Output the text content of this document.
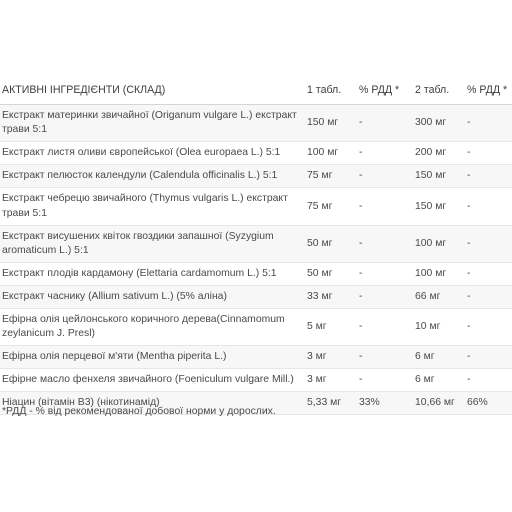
АКТИВНІ ІНГРЕДІЄНТИ (СКЛАД)	1 табл.	% РДД *	2 табл.	% РДД *
Екстракт материнки звичайної (Origanum vulgare L.) екстракт трави 5:1	150 мг	-	300 мг	-
Екстракт листя оливи європейської (Olea europaea L.) 5:1	100 мг	-	200 мг	-
Екстракт пелюсток календули (Calendula officinalis L.) 5:1	75 мг	-	150 мг	-
Екстракт чебрецю звичайного (Thymus vulgaris L.) екстракт трави 5:1	75 мг	-	150 мг	-
Екстракт висушених квіток гвоздики запашної (Syzygium aromaticum L.) 5:1	50 мг	-	100 мг	-
Екстракт плодів кардамону (Elettaria cardamomum L.) 5:1	50 мг	-	100 мг	-
Екстракт часнику (Allium sativum L.) (5% аліна)	33 мг	-	66 мг	-
Ефірна олія цейлонського коричного дерева(Cinnamomum zeylanicum J. Presl)	5 мг	-	10 мг	-
Ефірна олія перцевої м'яти (Mentha piperita L.)	3 мг	-	6 мг	-
Ефірне масло фенхеля звичайного (Foeniculum vulgare Mill.)	3 мг	-	6 мг	-
Ніацин (вітамін В3) (нікотинамід)	5,33 мг	33%	10,66 мг	66%
*РДД - % від рекомендованої добової норми у дорослих.
